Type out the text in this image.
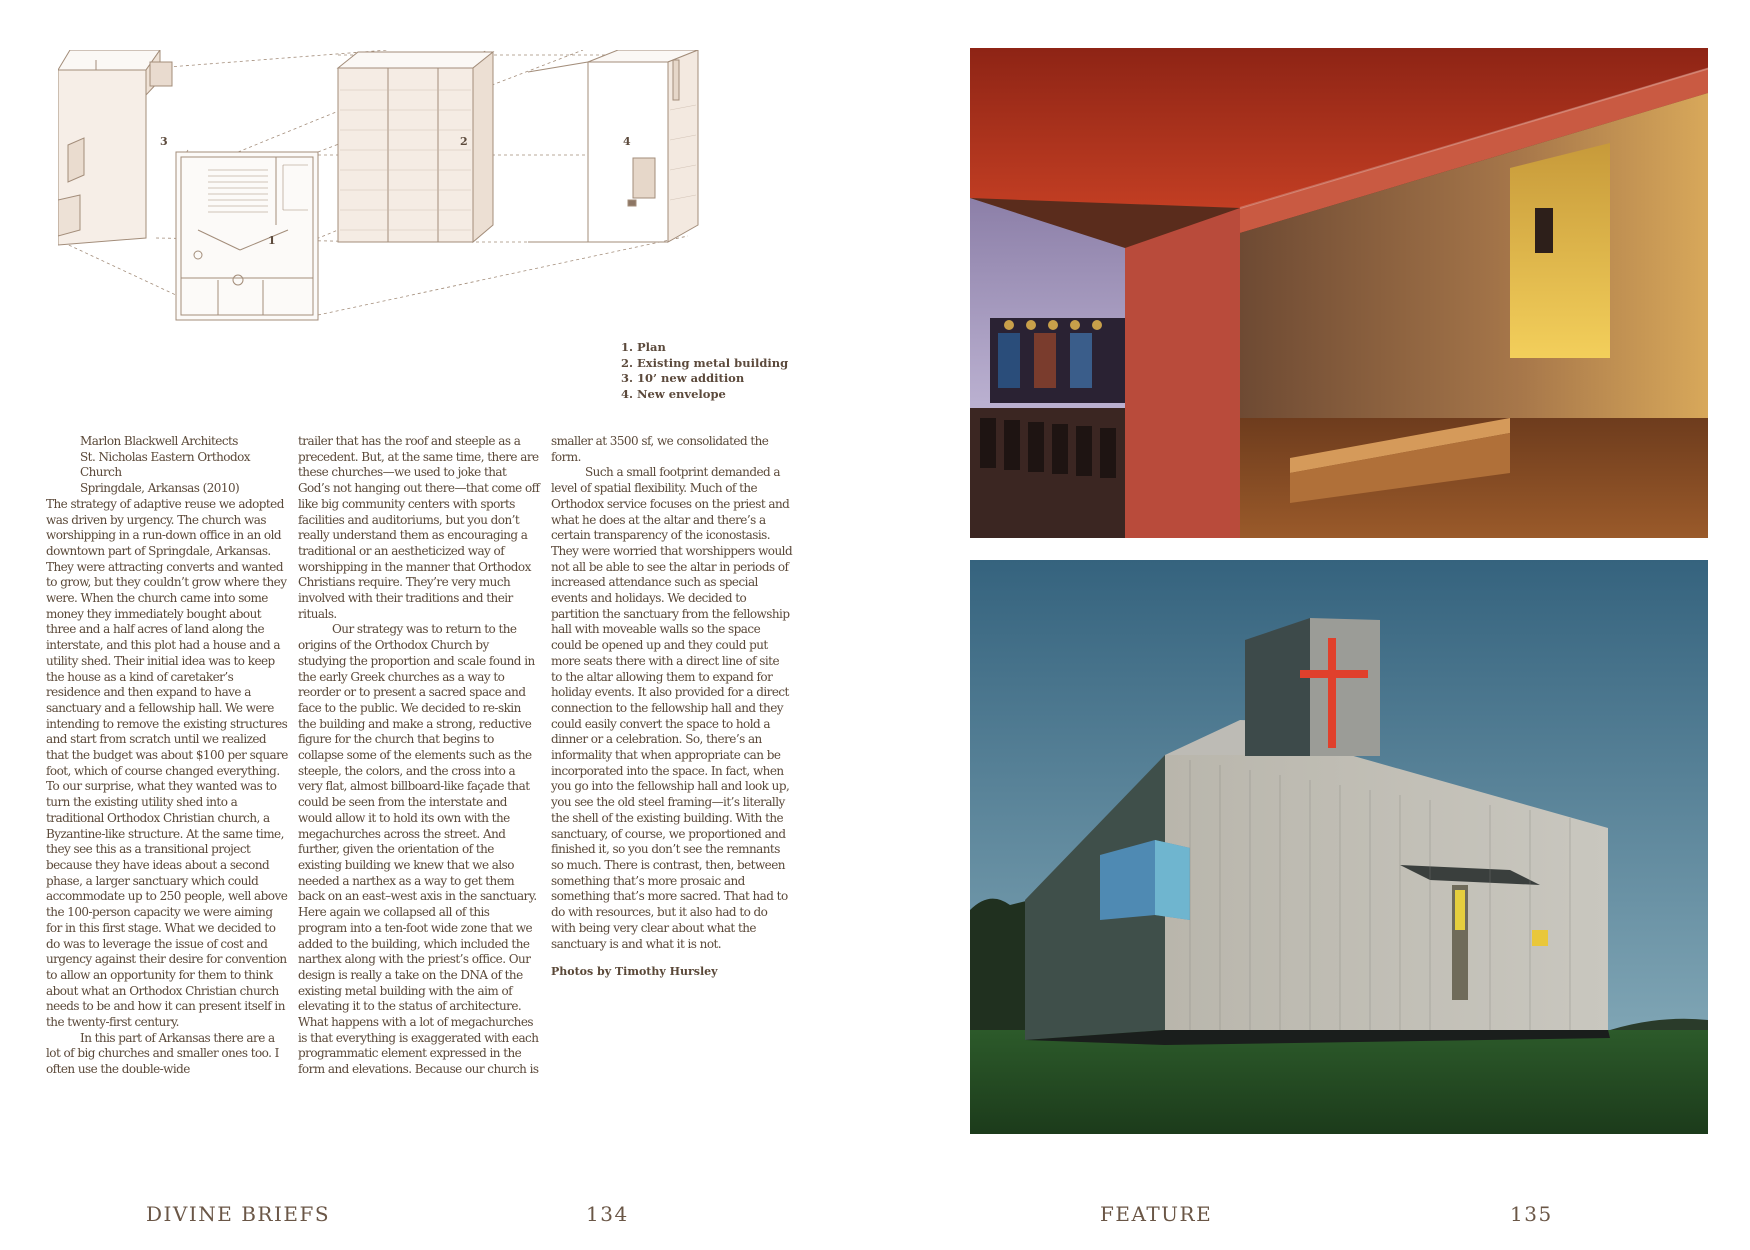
3
1
2	4
1. Plan
2. Existing metal building
3. 10’ new addition
4. New envelope
Marlon Blackwell Architects
St. Nicholas Eastern Orthodox Church
Springdale, Arkansas (2010)

The strategy of adaptive reuse we adopted was driven by urgency. The church was worshipping in a run-down office in an old downtown part of Springdale, Arkansas. They were attracting converts and wanted to grow, but they couldn’t grow where they were. When the church came into some money they immediately bought about three and a half acres of land along the interstate, and this plot had a house and a utility shed. Their initial idea was to keep the house as a kind of caretaker’s residence and then expand to have a sanctuary and a fellowship hall. We were intending to remove the existing structures and start from scratch until we realized that the budget was about $100 per square foot, which of course changed everything. To our surprise, what they wanted was to turn the existing utility shed into a traditional Orthodox Christian church, a Byzantine-like structure. At the same time, they see this as a transitional project because they have ideas about a second phase, a larger sanctuary which could accommodate up to 250 people, well above the 100-person capacity we were aiming for in this first stage. What we decided to do was to leverage the issue of cost and urgency against their desire for convention to allow an opportunity for them to think about what an Orthodox Christian church needs to be and how it can present itself in the twenty-first century.

In this part of Arkansas there are a lot of big churches and smaller ones too. I often use the double-wide

trailer that has the roof and steeple as a precedent. But, at the same time, there are these churches—we used to joke that God’s not hanging out there—that come off like big community centers with sports facilities and auditoriums, but you don’t really understand them as encouraging a traditional or an aestheticized way of worshipping in the manner that Orthodox Christians require. They’re very much involved with their traditions and their rituals.

Our strategy was to return to the origins of the Orthodox Church by studying the proportion and scale found in the early Greek churches as a way to reorder or to present a sacred space and face to the public. We decided to re-skin the building and make a strong, reductive figure for the church that begins to collapse some of the elements such as the steeple, the colors, and the cross into a very flat, almost billboard-like façade that could be seen from the interstate and would allow it to hold its own with the megachurches across the street. And further, given the orientation of the existing building we knew that we also needed a narthex as a way to get them back on an east–west axis in the sanctuary. Here again we collapsed all of this program into a ten-foot wide zone that we added to the building, which included the narthex along with the priest’s office. Our design is really a take on the DNA of the existing metal building with the aim of elevating it to the status of architecture. What happens with a lot of megachurches is that everything is exaggerated with each programmatic element expressed in the form and elevations. Because our church is

smaller at 3500 sf, we consolidated the form.

Such a small footprint demanded a level of spatial flexibility. Much of the Orthodox service focuses on the priest and what he does at the altar and there’s a certain transparency of the iconostasis. They were worried that worshippers would not all be able to see the altar in periods of increased attendance such as special events and holidays. We decided to partition the sanctuary from the fellowship hall with moveable walls so the space could be opened up and they could put more seats there with a direct line of site to the altar allowing them to expand for holiday events. It also provided for a direct connection to the fellowship hall and they could easily convert the space to hold a dinner or a celebration. So, there’s an informality that when appropriate can be incorporated into the space. In fact, when you go into the fellowship hall and look up, you see the old steel framing—it’s literally the shell of the existing building. With the sanctuary, of course, we proportioned and finished it, so you don’t see the remnants so much. There is contrast, then, between something that’s more prosaic and something that’s more sacred. That had to do with resources, but it also had to do with being very clear about what the sanctuary is and what it is not.

Photos by Timothy Hursley

DIVINE BRIEFS	134	FEATURE	135
